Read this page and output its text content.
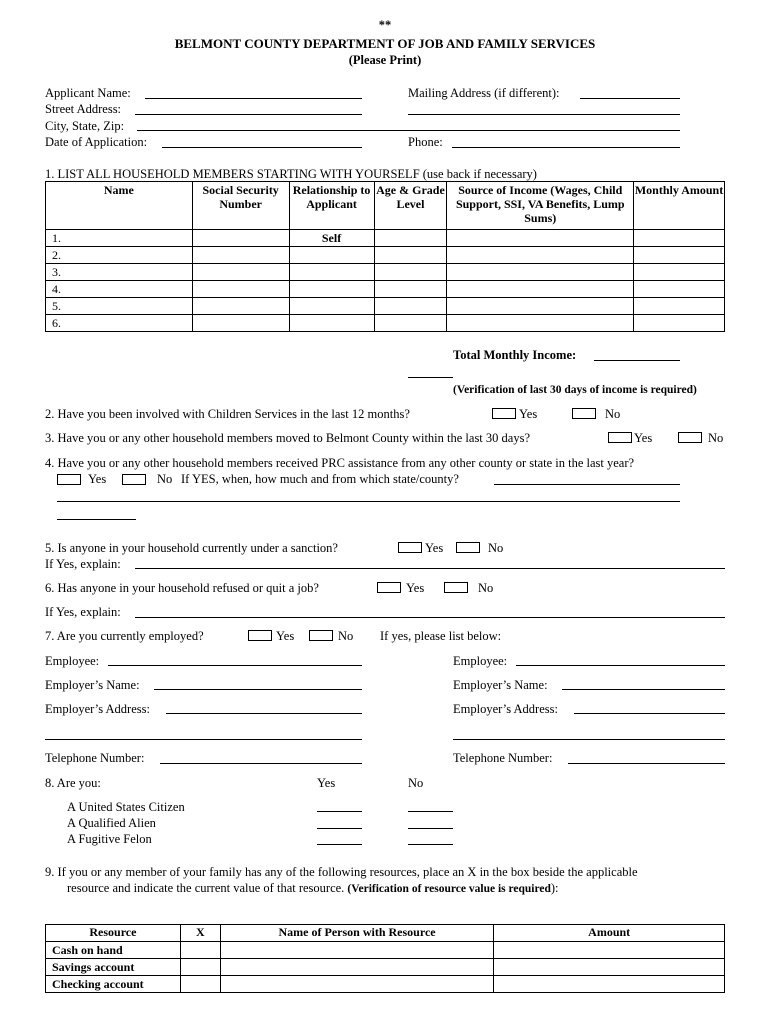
**
BELMONT COUNTY DEPARTMENT OF JOB AND FAMILY SERVICES
(Please Print)
Applicant Name:	Mailing Address (if different):
Street Address:
City, State, Zip:
Date of Application:	Phone:
1. LIST ALL HOUSEHOLD MEMBERS STARTING WITH YOURSELF (use back if necessary)
Name	Social Security Number	Relationship to Applicant	Age & Grade Level	Source of Income (Wages, Child Support, SSI, VA Benefits, Lump Sums)	Monthly Amount
1.		Self			
2.					
3.					
4.					
5.					
6.					
Total Monthly Income:
(Verification of last 30 days of income is required)
2. Have you been involved with Children Services in the last 12 months?	Yes	No
3. Have you or any other household members moved to Belmont County within the last 30 days?	Yes	No
4. Have you or any other household members received PRC assistance from any other county or state in the last year?
Yes	No If YES, when, how much and from which state/county?
5. Is anyone in your household currently under a sanction?	Yes	No
If Yes, explain:
6. Has anyone in your household refused or quit a job?	Yes	No
If Yes, explain:
7. Are you currently employed?	Yes	No If yes, please list below:
Employee:
Employer’s Name:
Employer’s Address:
Telephone Number:
Employee:
Employer’s Name:
Employer’s Address:
Telephone Number:
8. Are you:	Yes	No
A United States Citizen
A Qualified Alien
A Fugitive Felon
9. If you or any member of your family has any of the following resources, place an X in the box beside the applicable
resource and indicate the current value of that resource. (Verification of resource value is required):
Resource	X	Name of Person with Resource	Amount
Cash on hand			
Savings account			
Checking account			
